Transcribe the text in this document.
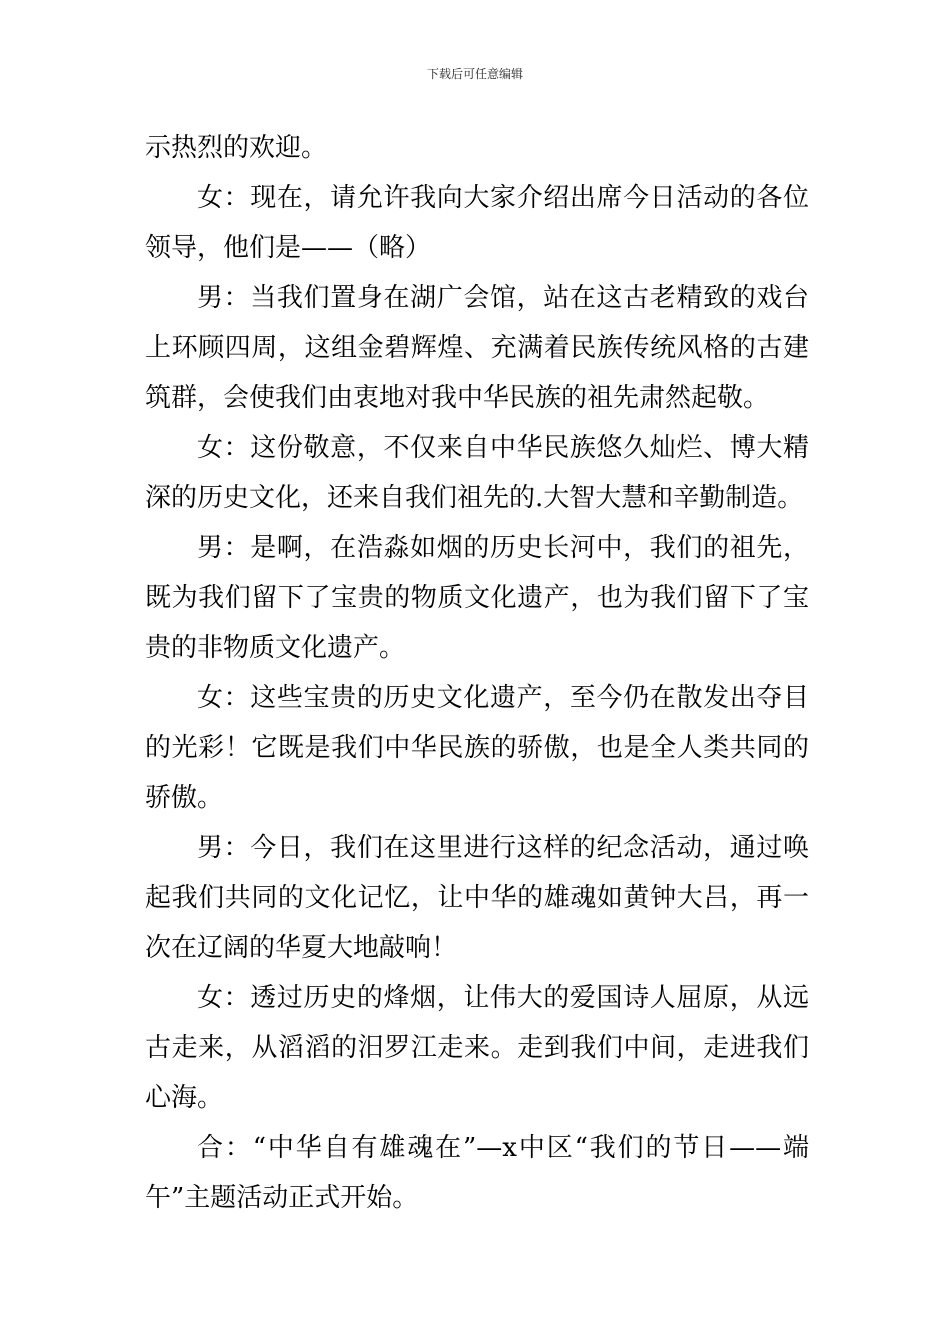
下载后可任意编辑

示热烈的欢迎。

女：现在，请允许我向大家介绍出席今日活动的各位领导，他们是——（略）

男：当我们置身在湖广会馆，站在这古老精致的戏台上环顾四周，这组金碧辉煌、充满着民族传统风格的古建筑群，会使我们由衷地对我中华民族的祖先肃然起敬。

女：这份敬意，不仅来自中华民族悠久灿烂、博大精深的历史文化，还来自我们祖先的.大智大慧和辛勤制造。

男：是啊，在浩淼如烟的历史长河中，我们的祖先，既为我们留下了宝贵的物质文化遗产，也为我们留下了宝贵的非物质文化遗产。

女：这些宝贵的历史文化遗产，至今仍在散发出夺目的光彩！它既是我们中华民族的骄傲，也是全人类共同的骄傲。

男：今日，我们在这里进行这样的纪念活动，通过唤起我们共同的文化记忆，让中华的雄魂如黄钟大吕，再一次在辽阔的华夏大地敲响！

女：透过历史的烽烟，让伟大的爱国诗人屈原，从远古走来，从滔滔的汨罗江走来。走到我们中间，走进我们心海。

合：“中华自有雄魂在”—x中区“我们的节日——端午”主题活动正式开始。
